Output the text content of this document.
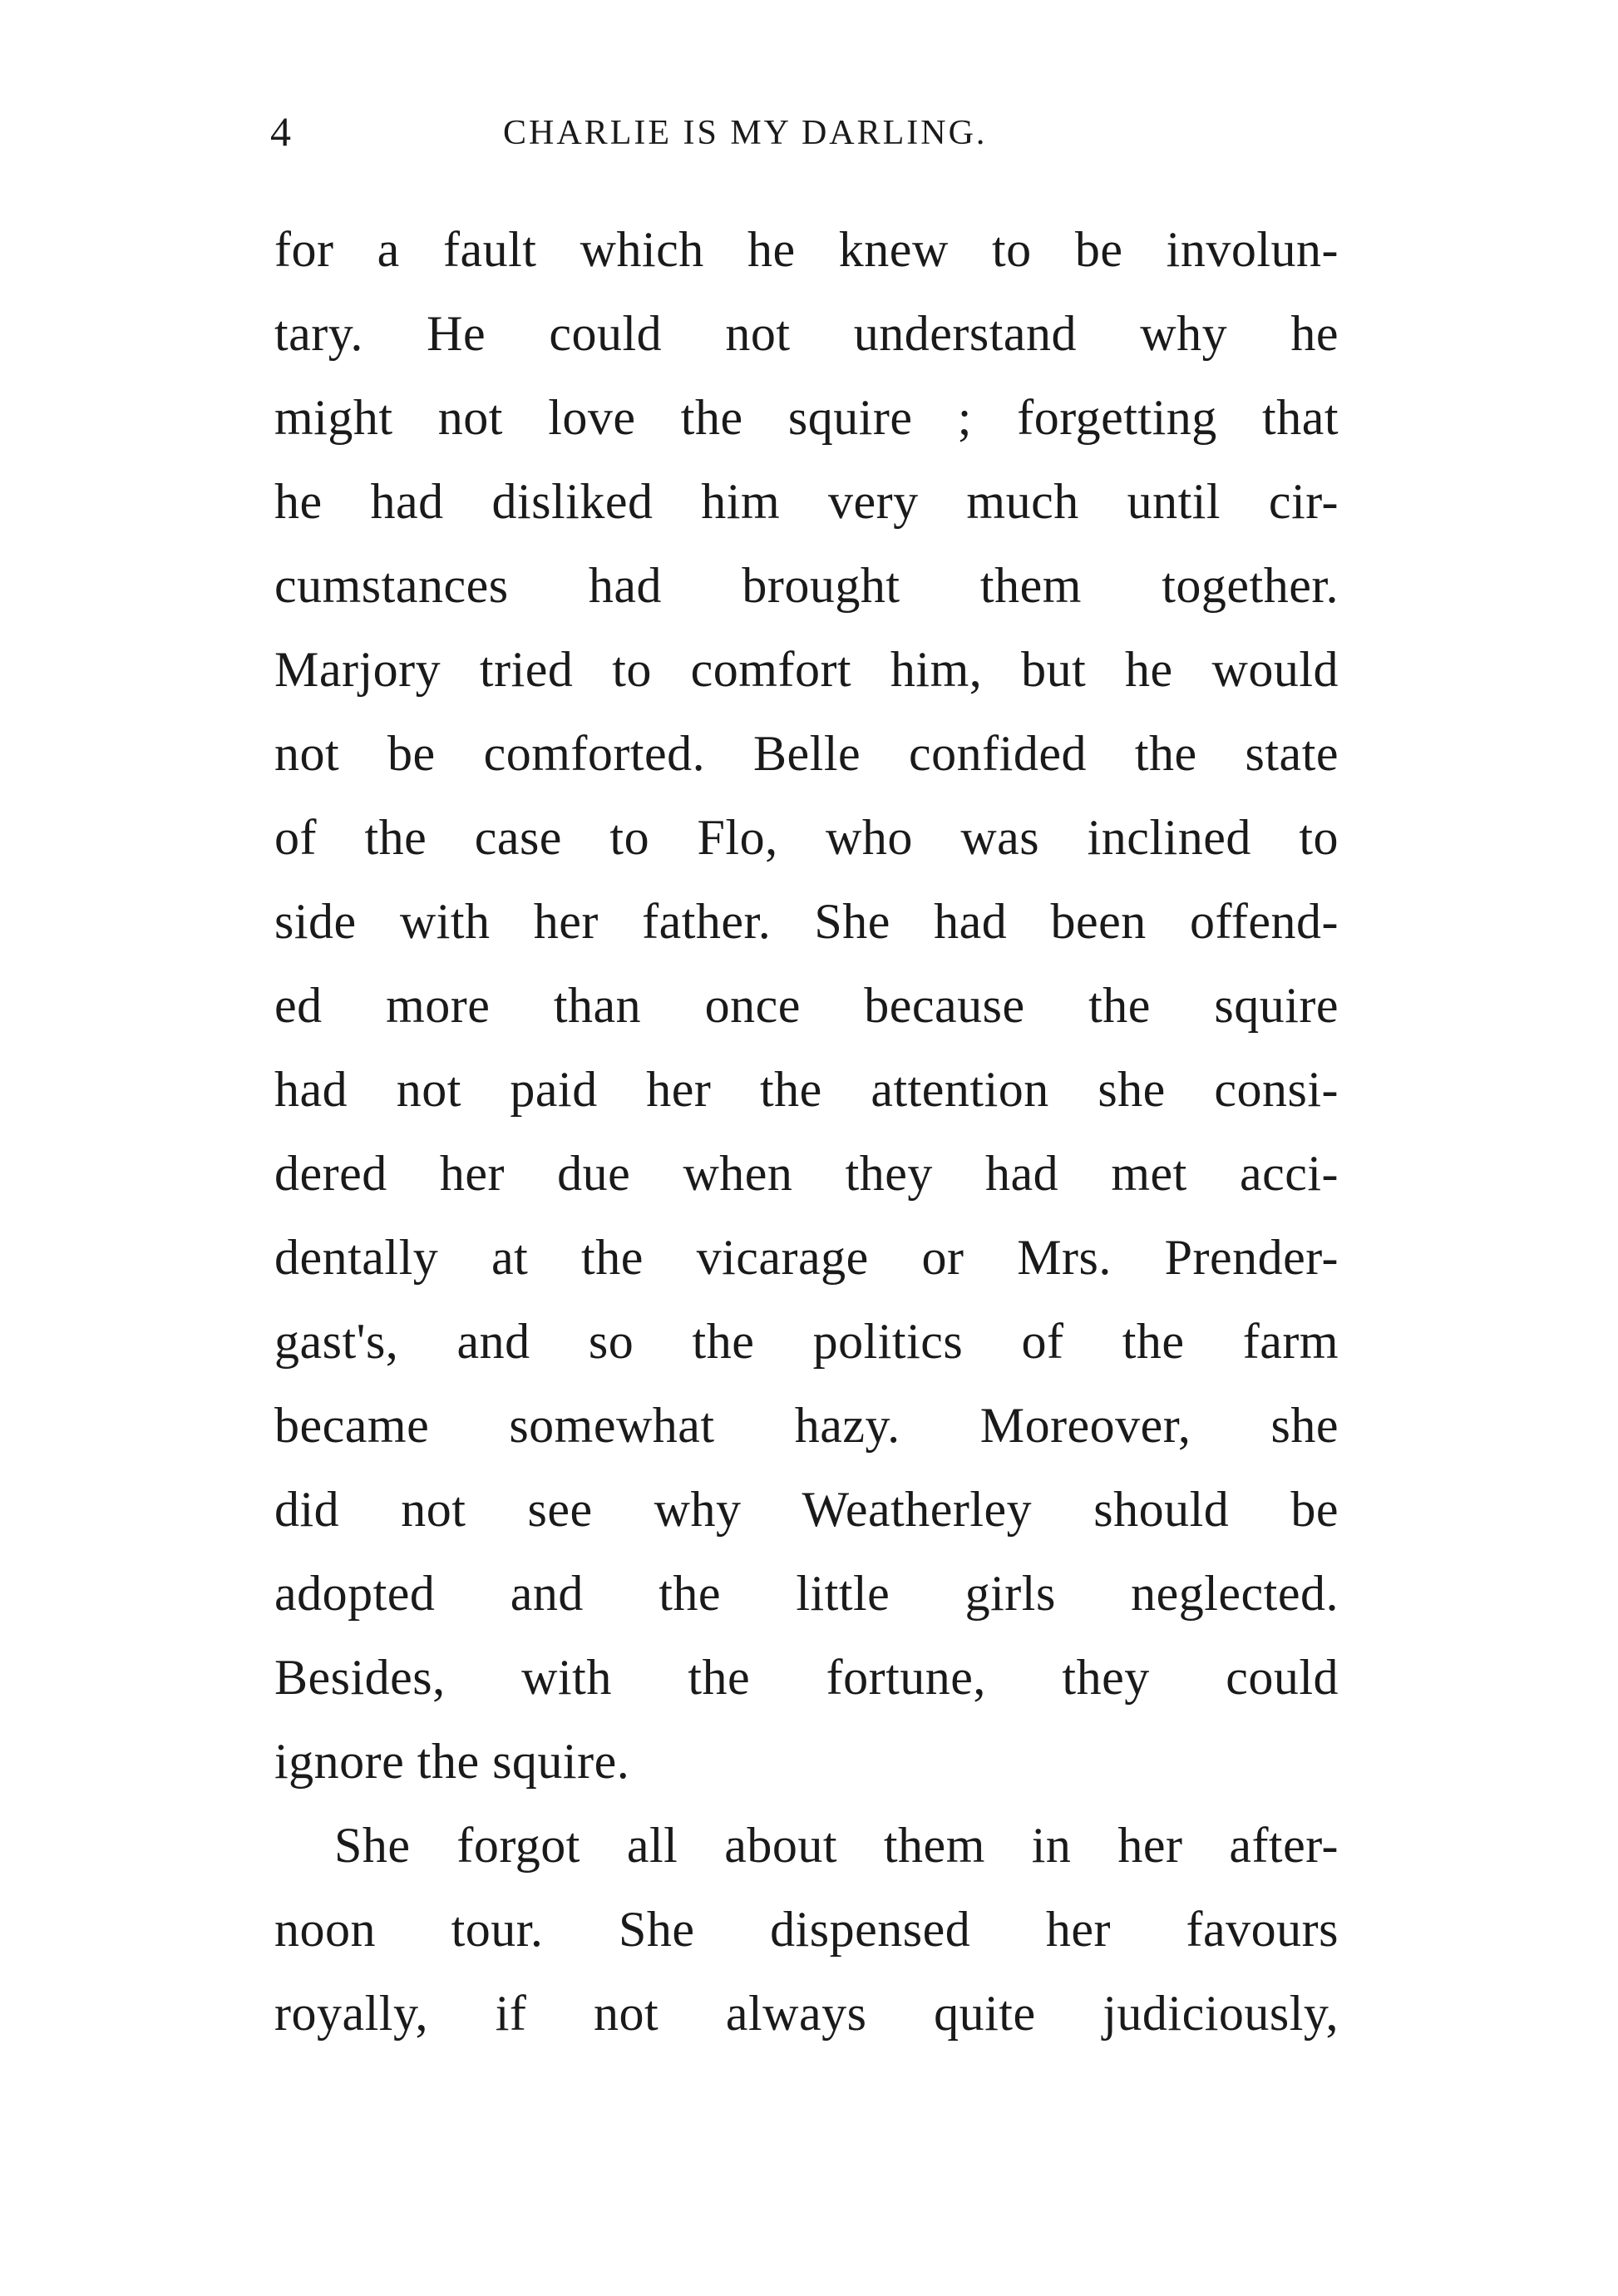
4	CHARLIE IS MY DARLING.
for a fault which he knew to be involun-
tary. He could not understand why he
might not love the squire ; forgetting that
he had disliked him very much until cir-
cumstances had brought them together.
Marjory tried to comfort him, but he would
not be comforted. Belle confided the state
of the case to Flo, who was inclined to
side with her father. She had been offend-
ed more than once because the squire
had not paid her the attention she consi-
dered her due when they had met acci-
dentally at the vicarage or Mrs. Prender-
gast's, and so the politics of the farm
became somewhat hazy. Moreover, she
did not see why Weatherley should be
adopted and the little girls neglected.
Besides, with the fortune, they could
ignore the squire.
She forgot all about them in her after-
noon tour. She dispensed her favours
royally, if not always quite judiciously,
